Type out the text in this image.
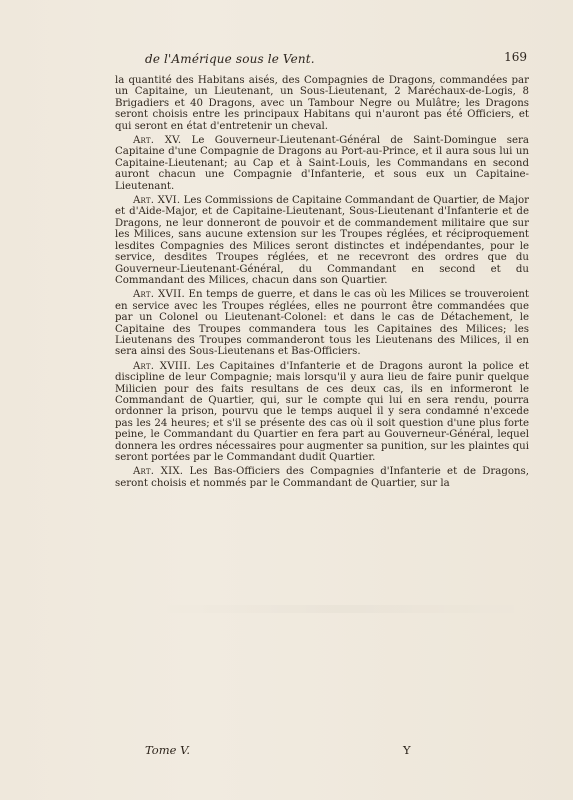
de l'Amérique sous le Vent.	169

la quantité des Habitans aisés, des Compagnies de Dragons, commandées par un Capitaine, un Lieutenant, un Sous-Lieutenant, 2 Maréchaux-de-Logis, 8 Brigadiers et 40 Dragons, avec un Tambour Negre ou Mulâtre; les Dragons seront choisis entre les principaux Habitans qui n'auront pas été Officiers, et qui seront en état d'entretenir un cheval.

Art. XV. Le Gouverneur-Lieutenant-Général de Saint-Domingue sera Capitaine d'une Compagnie de Dragons au Port-au-Prince, et il aura sous lui un Capitaine-Lieutenant; au Cap et à Saint-Louis, les Commandans en second auront chacun une Compagnie d'Infanterie, et sous eux un Capitaine-Lieutenant.

Art. XVI. Les Commissions de Capitaine Commandant de Quartier, de Major et d'Aide-Major, et de Capitaine-Lieutenant, Sous-Lieutenant d'Infanterie et de Dragons, ne leur donneront de pouvoir et de commandement militaire que sur les Milices, sans aucune extension sur les Troupes réglées, et réciproquement lesdites Compagnies des Milices seront distinctes et indépendantes, pour le service, desdites Troupes réglées, et ne recevront des ordres que du Gouverneur-Lieutenant-Général, du Commandant en second et du Commandant des Milices, chacun dans son Quartier.

Art. XVII. En temps de guerre, et dans le cas où les Milices se trouveroient en service avec les Troupes réglées, elles ne pourront être commandées que par un Colonel ou Lieutenant-Colonel: et dans le cas de Détachement, le Capitaine des Troupes commandera tous les Capitaines des Milices; les Lieutenans des Troupes commanderont tous les Lieutenans des Milices, il en sera ainsi des Sous-Lieutenans et Bas-Officiers.

Art. XVIII. Les Capitaines d'Infanterie et de Dragons auront la police et discipline de leur Compagnie; mais lorsqu'il y aura lieu de faire punir quelque Milicien pour des faits resultans de ces deux cas, ils en informeront le Commandant de Quartier, qui, sur le compte qui lui en sera rendu, pourra ordonner la prison, pourvu que le temps auquel il y sera condamné n'excede pas les 24 heures; et s'il se présente des cas où il soit question d'une plus forte peine, le Commandant du Quartier en fera part au Gouverneur-Général, lequel donnera les ordres nécessaires pour augmenter sa punition, sur les plaintes qui seront portées par le Commandant dudit Quartier.

Art. XIX. Les Bas-Officiers des Compagnies d'Infanterie et de Dragons, seront choisis et nommés par le Commandant de Quartier, sur la

Tome V.	Y
